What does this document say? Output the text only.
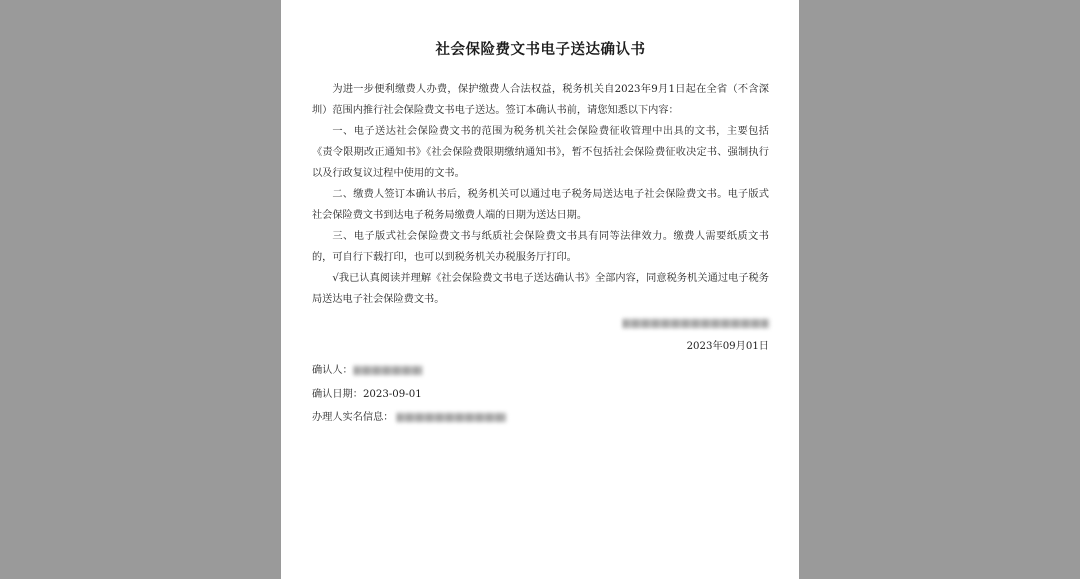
社会保险费文书电子送达确认书

为进一步便利缴费人办费，保护缴费人合法权益，税务机关自2023年9月1日起在全省（不含深圳）范围内推行社会保险费文书电子送达。签订本确认书前，请您知悉以下内容：

一、电子送达社会保险费文书的范围为税务机关社会保险费征收管理中出具的文书，主要包括《责令限期改正通知书》《社会保险费限期缴纳通知书》，暂不包括社会保险费征收决定书、强制执行以及行政复议过程中使用的文书。

二、缴费人签订本确认书后，税务机关可以通过电子税务局送达电子社会保险费文书。电子版式社会保险费文书到达电子税务局缴费人端的日期为送达日期。

三、电子版式社会保险费文书与纸质社会保险费文书具有同等法律效力。缴费人需要纸质文书的，可自行下载打印，也可以到税务机关办税服务厅打印。

√我已认真阅读并理解《社会保险费文书电子送达确认书》全部内容，同意税务机关通过电子税务局送达电子社会保险费文书。

2023年09月01日

确认人：

确认日期：2023-09-01

办理人实名信息：
